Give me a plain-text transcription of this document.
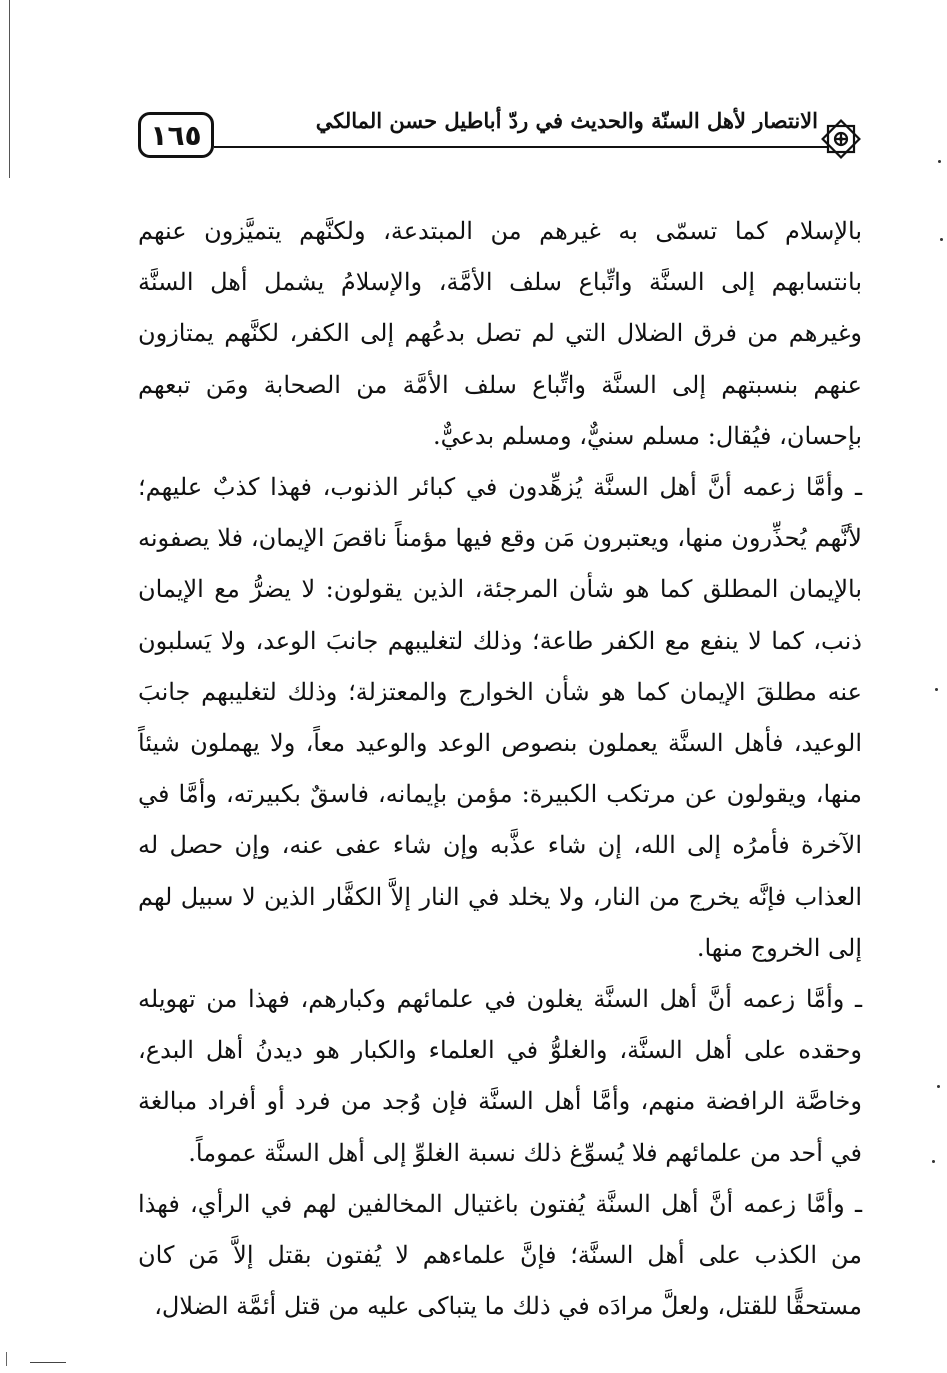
١٦٥	الانتصار لأهل السنّة والحديث في ردّ أباطيل حسن المالكي

بالإسلام كما تسمّى به غيرهم من المبتدعة، ولكنَّهم يتميَّزون عنهم بانتسابهم إلى السنَّة واتِّباع سلف الأمَّة، والإسلامُ يشمل أهل السنَّة وغيرهم من فرق الضلال التي لم تصل بدعُهم إلى الكفر، لكنَّهم يمتازون عنهم بنسبتهم إلى السنَّة واتِّباع سلف الأمَّة من الصحابة ومَن تبعهم بإحسان، فيُقال: مسلم سنيٌّ، ومسلم بدعيٌّ.

ـ وأمَّا زعمه أنَّ أهل السنَّة يُزهِّدون في كبائر الذنوب، فهذا كذبٌ عليهم؛ لأنَّهم يُحذِّرون منها، ويعتبرون مَن وقع فيها مؤمناً ناقصَ الإيمان، فلا يصفونه بالإيمان المطلق كما هو شأن المرجئة، الذين يقولون: لا يضرُّ مع الإيمان ذنب، كما لا ينفع مع الكفر طاعة؛ وذلك لتغليبهم جانبَ الوعد، ولا يَسلبون عنه مطلقَ الإيمان كما هو شأن الخوارج والمعتزلة؛ وذلك لتغليبهم جانبَ الوعيد، فأهل السنَّة يعملون بنصوص الوعد والوعيد معاً، ولا يهملون شيئاً منها، ويقولون عن مرتكب الكبيرة: مؤمن بإيمانه، فاسقٌ بكبيرته، وأمَّا في الآخرة فأمرُه إلى الله، إن شاء عذَّبه وإن شاء عفى عنه، وإن حصل له العذاب فإنَّه يخرج من النار، ولا يخلد في النار إلاَّ الكفَّار الذين لا سبيل لهم إلى الخروج منها.

ـ وأمَّا زعمه أنَّ أهل السنَّة يغلون في علمائهم وكبارهم، فهذا من تهويله وحقده على أهل السنَّة، والغلوُّ في العلماء والكبار هو ديدنُ أهل البدع، وخاصَّة الرافضة منهم، وأمَّا أهل السنَّة فإن وُجد من فرد أو أفراد مبالغة في أحد من علمائهم فلا يُسوِّغ ذلك نسبة الغلوِّ إلى أهل السنَّة عموماً.

ـ وأمَّا زعمه أنَّ أهل السنَّة يُفتون باغتيال المخالفين لهم في الرأي، فهذا من الكذب على أهل السنَّة؛ فإنَّ علماءهم لا يُفتون بقتل إلاَّ مَن كان مستحقًّا للقتل، ولعلَّ مرادَه في ذلك ما يتباكى عليه من قتل أئمَّة الضلال،
